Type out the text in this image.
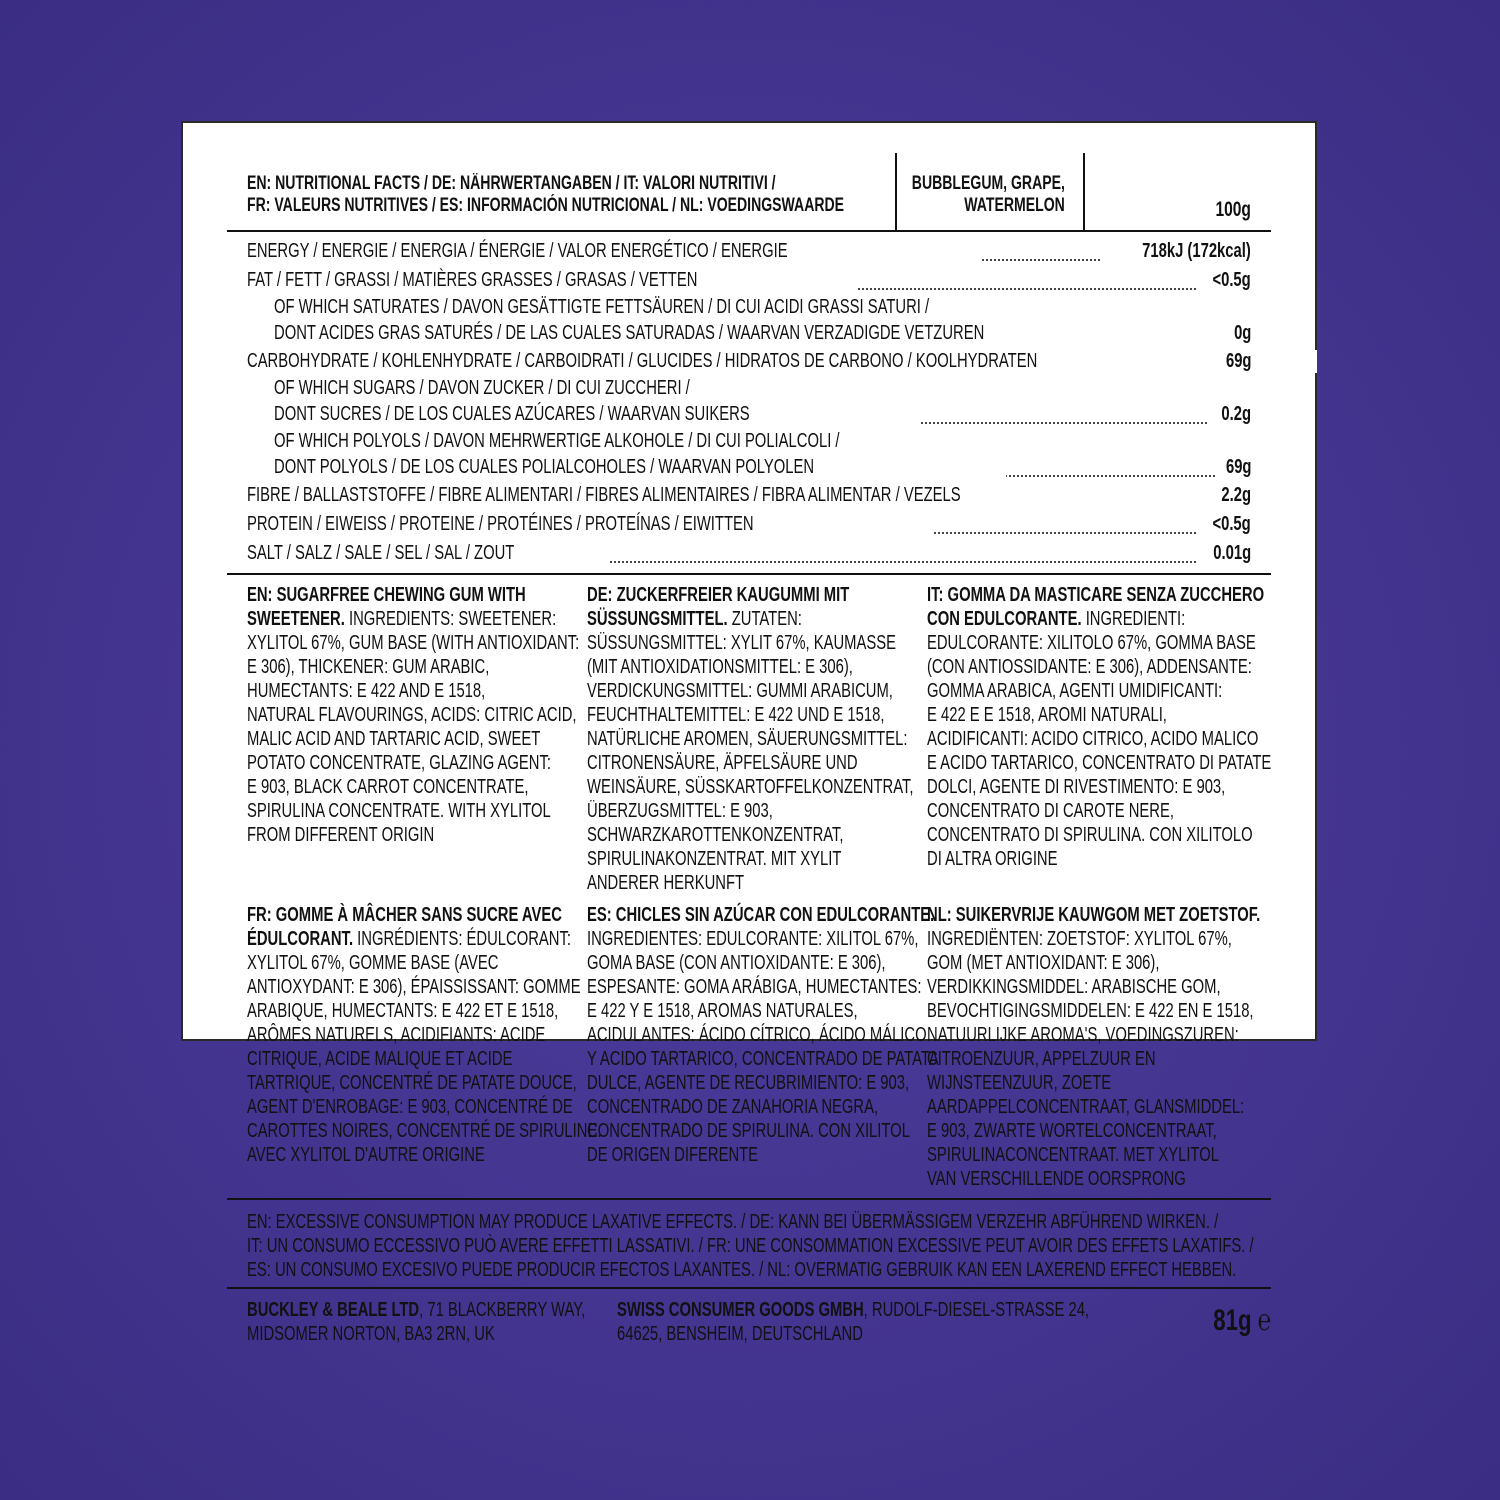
EN: NUTRITIONAL FACTS / DE: NÄHRWERTANGABEN / IT: VALORI NUTRITIVI /
FR: VALEURS NUTRITIVES / ES: INFORMACIÓN NUTRICIONAL / NL: VOEDINGSWAARDE
BUBBLEGUM, GRAPE,
WATERMELON	100g
ENERGY / ENERGIE / ENERGIA / ÉNERGIE / VALOR ENERGÉTICO / ENERGIE	718kJ (172kcal)
FAT / FETT / GRASSI / MATIÈRES GRASSES / GRASAS / VETTEN	<0.5g
OF WHICH SATURATES / DAVON GESÄTTIGTE FETTSÄUREN / DI CUI ACIDI GRASSI SATURI /
DONT ACIDES GRAS SATURÉS / DE LAS CUALES SATURADAS / WAARVAN VERZADIGDE VETZUREN	0g
CARBOHYDRATE / KOHLENHYDRATE / CARBOIDRATI / GLUCIDES / HIDRATOS DE CARBONO / KOOLHYDRATEN	69g
OF WHICH SUGARS / DAVON ZUCKER / DI CUI ZUCCHERI /
DONT SUCRES / DE LOS CUALES AZÚCARES / WAARVAN SUIKERS	0.2g
OF WHICH POLYOLS / DAVON MEHRWERTIGE ALKOHOLE / DI CUI POLIALCOLI /
DONT POLYOLS / DE LOS CUALES POLIALCOHOLES / WAARVAN POLYOLEN	69g
FIBRE / BALLASTSTOFFE / FIBRE ALIMENTARI / FIBRES ALIMENTAIRES / FIBRA ALIMENTAR / VEZELS	2.2g
PROTEIN / EIWEISS / PROTEINE / PROTÉINES / PROTEÍNAS / EIWITTEN	<0.5g
SALT / SALZ / SALE / SEL / SAL / ZOUT	0.01g
EN: SUGARFREE CHEWING GUM WITH
SWEETENER. INGREDIENTS: SWEETENER:
XYLITOL 67%, GUM BASE (WITH ANTIOXIDANT:
E 306), THICKENER: GUM ARABIC,
HUMECTANTS: E 422 AND E 1518,
NATURAL FLAVOURINGS, ACIDS: CITRIC ACID,
MALIC ACID AND TARTARIC ACID, SWEET
POTATO CONCENTRATE, GLAZING AGENT:
E 903, BLACK CARROT CONCENTRATE,
SPIRULINA CONCENTRATE. WITH XYLITOL
FROM DIFFERENT ORIGIN
DE: ZUCKERFREIER KAUGUMMI MIT
SÜSSUNGSMITTEL. ZUTATEN:
SÜSSUNGSMITTEL: XYLIT 67%, KAUMASSE
(MIT ANTIOXIDATIONSMITTEL: E 306),
VERDICKUNGSMITTEL: GUMMI ARABICUM,
FEUCHTHALTEMITTEL: E 422 UND E 1518,
NATÜRLICHE AROMEN, SÄUERUNGSMITTEL:
CITRONENSÄURE, ÄPFELSÄURE UND
WEINSÄURE, SÜSSKARTOFFELKONZENTRAT,
ÜBERZUGSMITTEL: E 903,
SCHWARZKAROTTENKONZENTRAT,
SPIRULINAKONZENTRAT. MIT XYLIT
ANDERER HERKUNFT
IT: GOMMA DA MASTICARE SENZA ZUCCHERO
CON EDULCORANTE. INGREDIENTI:
EDULCORANTE: XILITOLO 67%, GOMMA BASE
(CON ANTIOSSIDANTE: E 306), ADDENSANTE:
GOMMA ARABICA, AGENTI UMIDIFICANTI:
E 422 E E 1518, AROMI NATURALI,
ACIDIFICANTI: ACIDO CITRICO, ACIDO MALICO
E ACIDO TARTARICO, CONCENTRATO DI PATATE
DOLCI, AGENTE DI RIVESTIMENTO: E 903,
CONCENTRATO DI CAROTE NERE,
CONCENTRATO DI SPIRULINA. CON XILITOLO
DI ALTRA ORIGINE
FR: GOMME À MÂCHER SANS SUCRE AVEC
ÉDULCORANT. INGRÉDIENTS: ÉDULCORANT:
XYLITOL 67%, GOMME BASE (AVEC
ANTIOXYDANT: E 306), ÉPAISSISSANT: GOMME
ARABIQUE, HUMECTANTS: E 422 ET E 1518,
ARÔMES NATURELS, ACIDIFIANTS: ACIDE
CITRIQUE, ACIDE MALIQUE ET ACIDE
TARTRIQUE, CONCENTRÉ DE PATATE DOUCE,
AGENT D'ENROBAGE: E 903, CONCENTRÉ DE
CAROTTES NOIRES, CONCENTRÉ DE SPIRULINE.
AVEC XYLITOL D'AUTRE ORIGINE
ES: CHICLES SIN AZÚCAR CON EDULCORANTE.
INGREDIENTES: EDULCORANTE: XILITOL 67%,
GOMA BASE (CON ANTIOXIDANTE: E 306),
ESPESANTE: GOMA ARÁBIGA, HUMECTANTES:
E 422 Y E 1518, AROMAS NATURALES,
ACIDULANTES: ÁCIDO CÍTRICO, ÁCIDO MÁLICO
Y ACIDO TARTARICO, CONCENTRADO DE PATATA
DULCE, AGENTE DE RECUBRIMIENTO: E 903,
CONCENTRADO DE ZANAHORIA NEGRA,
CONCENTRADO DE SPIRULINA. CON XILITOL
DE ORIGEN DIFERENTE
NL: SUIKERVRIJE KAUWGOM MET ZOETSTOF.
INGREDIËNTEN: ZOETSTOF: XYLITOL 67%,
GOM (MET ANTIOXIDANT: E 306),
VERDIKKINGSMIDDEL: ARABISCHE GOM,
BEVOCHTIGINGSMIDDELEN: E 422 EN E 1518,
NATUURLIJKE AROMA'S, VOEDINGSZUREN:
CITROENZUUR, APPELZUUR EN
WIJNSTEENZUUR, ZOETE
AARDAPPELCONCENTRAAT, GLANSMIDDEL:
E 903, ZWARTE WORTELCONCENTRAAT,
SPIRULINACONCENTRAAT. MET XYLITOL
VAN VERSCHILLENDE OORSPRONG
EN: EXCESSIVE CONSUMPTION MAY PRODUCE LAXATIVE EFFECTS. / DE: KANN BEI ÜBERMÄSSIGEM VERZEHR ABFÜHREND WIRKEN. /
IT: UN CONSUMO ECCESSIVO PUÒ AVERE EFFETTI LASSATIVI. / FR: UNE CONSOMMATION EXCESSIVE PEUT AVOIR DES EFFETS LAXATIFS. /
ES: UN CONSUMO EXCESIVO PUEDE PRODUCIR EFECTOS LAXANTES. / NL: OVERMATIG GEBRUIK KAN EEN LAXEREND EFFECT HEBBEN.
BUCKLEY & BEALE LTD, 71 BLACKBERRY WAY,
MIDSOMER NORTON, BA3 2RN, UK
SWISS CONSUMER GOODS GMBH, RUDOLF-DIESEL-STRASSE 24,
64625, BENSHEIM, DEUTSCHLAND	81g ℮
